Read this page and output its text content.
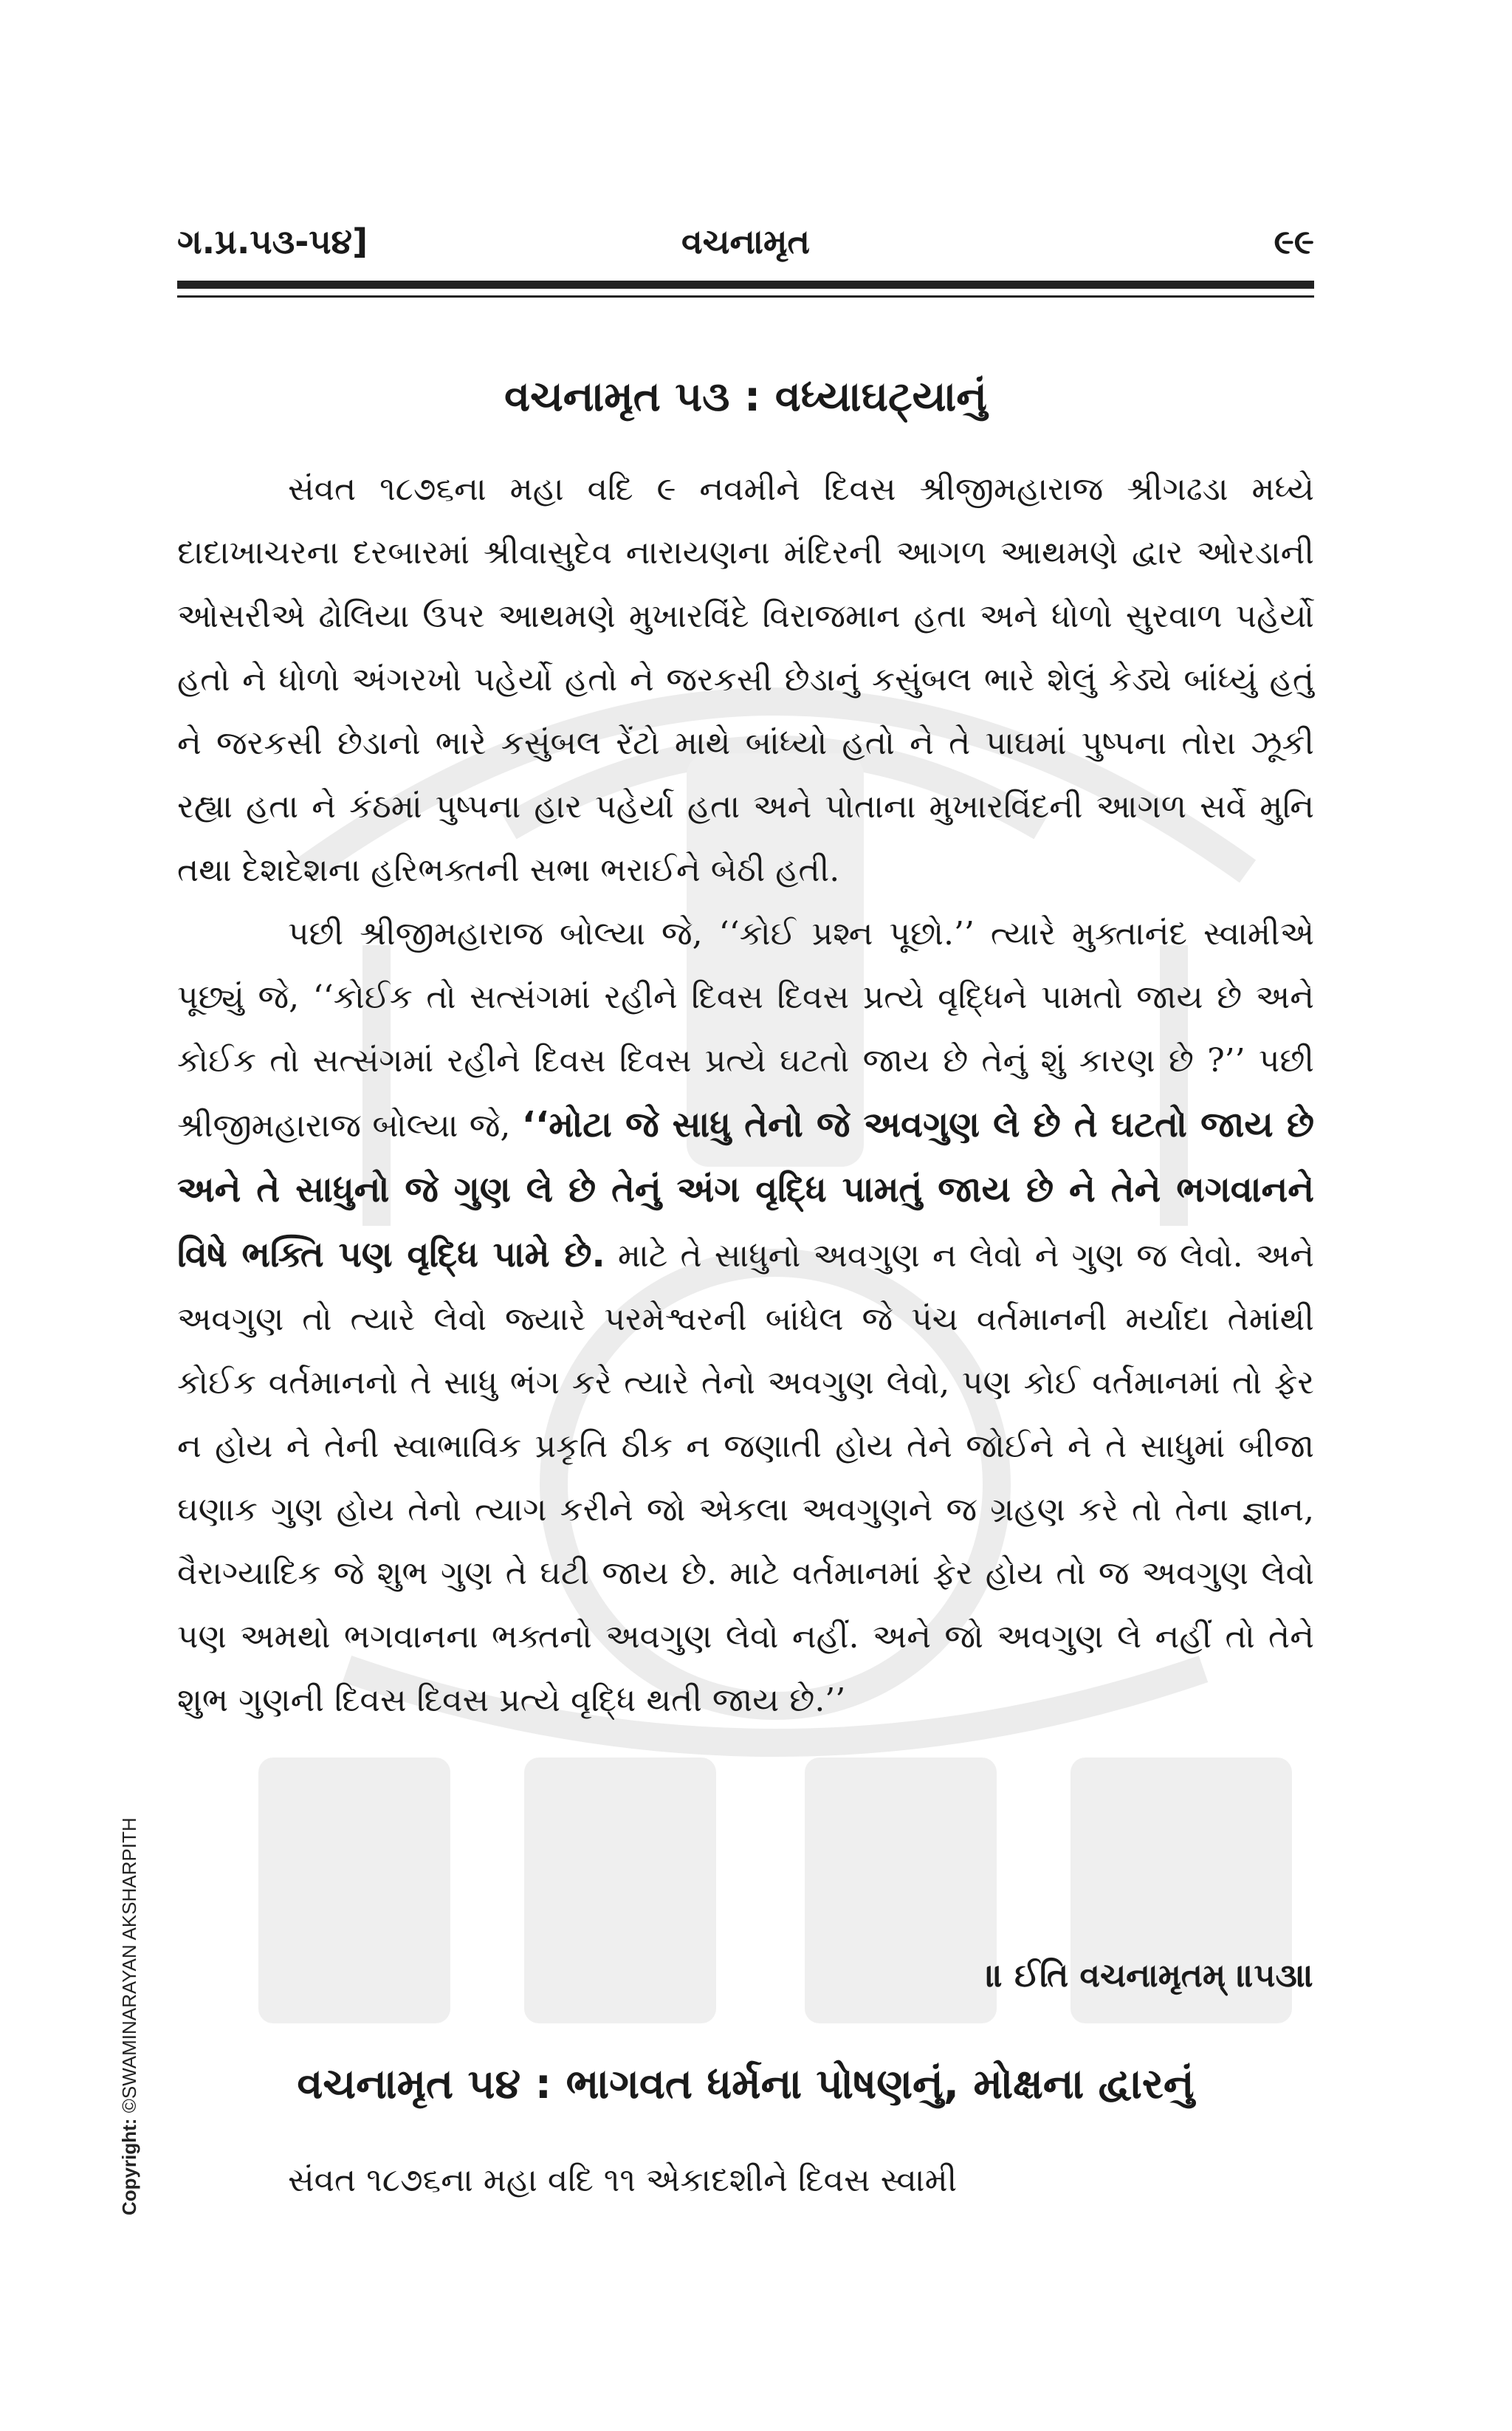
Copyright: ©SWAMINARAYAN AKSHARPITH
ગ.પ્ર.૫૩-૫૪]	વચનામૃત	૯૯
વચનામૃત ૫૩ : વધ્યાઘટ્યાનું

સંવત ૧૮૭૬ના મહા વદિ ૯ નવમીને દિવસ શ્રીજીમહારાજ શ્રીગઢડા મધ્યે દાદાખાચરના દરબારમાં શ્રીવાસુદેવ નારાયણના મંદિરની આગળ આથમણે દ્વાર ઓરડાની ઓસરીએ ઢોલિયા ઉપર આથમણે મુખારવિંદે વિરાજમાન હતા અને ધોળો સુરવાળ પહેર્યો હતો ને ધોળો અંગરખો પહેર્યો હતો ને જરકસી છેડાનું કસુંબલ ભારે શેલું કેડ્યે બાંધ્યું હતું ને જરકસી છેડાનો ભારે કસુંબલ રેંટો માથે બાંધ્યો હતો ને તે પાઘમાં પુષ્પના તોરા ઝૂકી રહ્યા હતા ને કંઠમાં પુષ્પના હાર પહેર્યા હતા અને પોતાના મુખારવિંદની આગળ સર્વે મુનિ તથા દેશદેશના હરિભક્તની સભા ભરાઈને બેઠી હતી.

પછી શ્રીજીમહારાજ બોલ્યા જે, ‘‘કોઈ પ્રશ્ન પૂછો.’’ ત્યારે મુક્તાનંદ સ્વામીએ પૂછ્યું જે, ‘‘કોઈક તો સત્સંગમાં રહીને દિવસ દિવસ પ્રત્યે વૃદ્ધિને પામતો જાય છે અને કોઈક તો સત્સંગમાં રહીને દિવસ દિવસ પ્રત્યે ઘટતો જાય છે તેનું શું કારણ છે ?’’ પછી શ્રીજીમહારાજ બોલ્યા જે, ‘‘મોટા જે સાધુ તેનો જે અવગુણ લે છે તે ઘટતો જાય છે અને તે સાધુનો જે ગુણ લે છે તેનું અંગ વૃદ્ધિ પામતું જાય છે ને તેને ભગવાનને વિષે ભક્તિ પણ વૃદ્ધિ પામે છે. માટે તે સાધુનો અવગુણ ન લેવો ને ગુણ જ લેવો. અને અવગુણ તો ત્યારે લેવો જ્યારે પરમેશ્વરની બાંધેલ જે પંચ વર્તમાનની મર્યાદા તેમાંથી કોઈક વર્તમાનનો તે સાધુ ભંગ કરે ત્યારે તેનો અવગુણ લેવો, પણ કોઈ વર્તમાનમાં તો ફેર ન હોય ને તેની સ્વાભાવિક પ્રકૃતિ ઠીક ન જણાતી હોય તેને જોઈને ને તે સાધુમાં બીજા ઘણાક ગુણ હોય તેનો ત્યાગ કરીને જો એકલા અવગુણને જ ગ્રહણ કરે તો તેના જ્ઞાન, વૈરાગ્યાદિક જે શુભ ગુણ તે ઘટી જાય છે. માટે વર્તમાનમાં ફેર હોય તો જ અવગુણ લેવો પણ અમથો ભગવાનના ભક્તનો અવગુણ લેવો નહીં. અને જો અવગુણ લે નહીં તો તેને શુભ ગુણની દિવસ દિવસ પ્રત્યે વૃદ્ધિ થતી જાય છે.’’

॥ ઈતિ વચનામૃતમ્ ॥૫૩॥
વચનામૃત ૫૪ : ભાગવત ધર્મના પોષણનું, મોક્ષના દ્વારનું

સંવત ૧૮૭૬ના મહા વદિ ૧૧ એકાદશીને દિવસ સ્વામી
